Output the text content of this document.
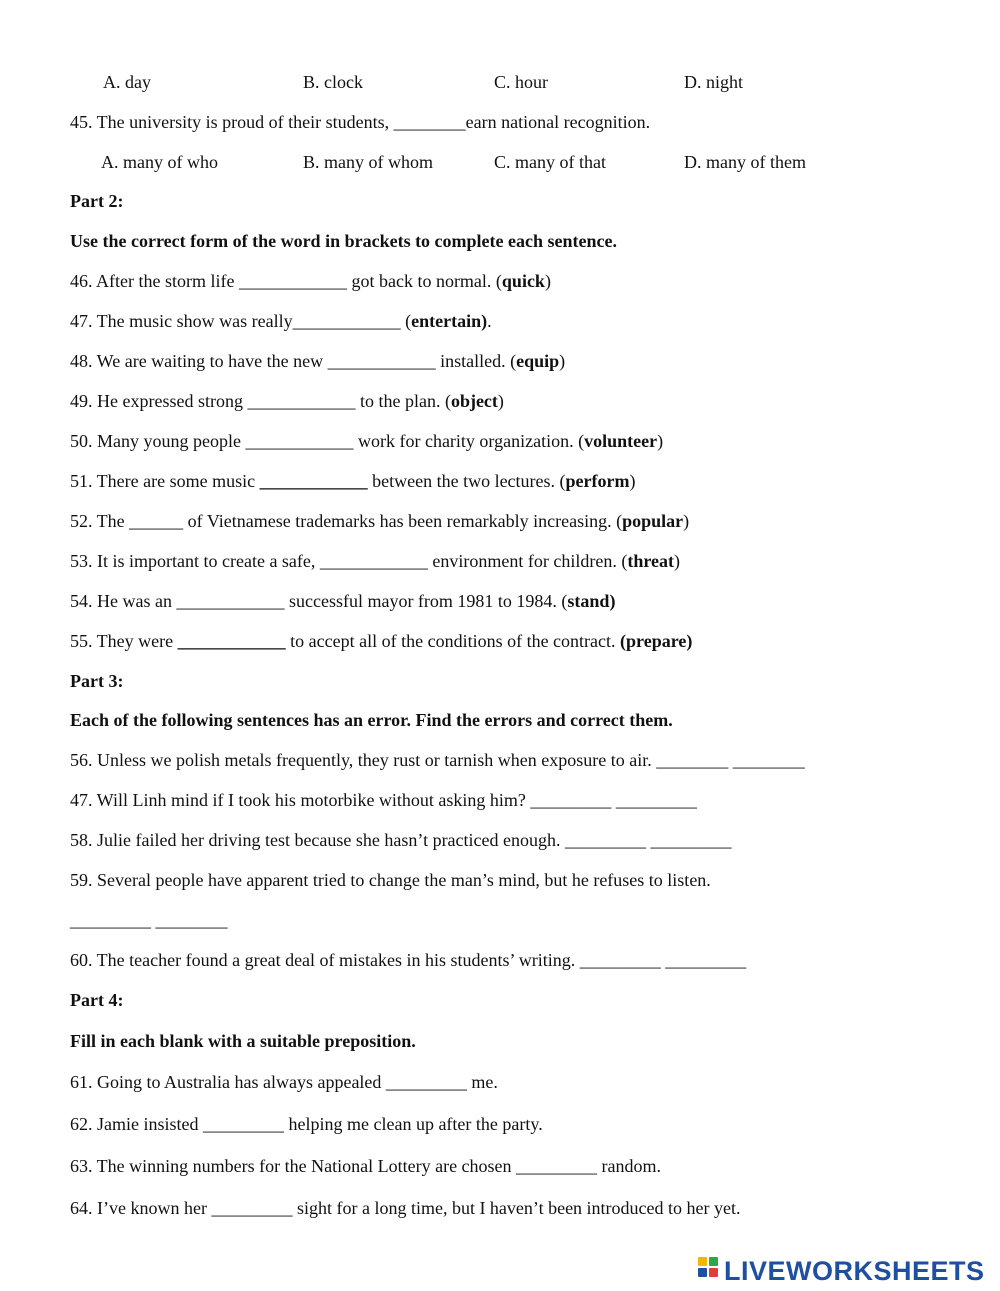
A. day	B. clock	C. hour	D. night
45. The university is proud of their students, ________earn national recognition.
A. many of who	B. many of whom	C. many of that	D. many of them
Part 2:
Use the correct form of the word in brackets to complete each sentence.
46. After the storm life ____________ got back to normal. (quick)
47. The music show was really____________ (entertain).
48. We are waiting to have the new ____________ installed. (equip)
49. He expressed strong ____________ to the plan. (object)
50. Many young people ____________ work for charity organization. (volunteer)
51. There are some music ____________ between the two lectures. (perform)
52. The ______ of Vietnamese trademarks has been remarkably increasing. (popular)
53. It is important to create a safe, ____________ environment for children. (threat)
54. He was an ____________ successful mayor from 1981 to 1984. (stand)
55. They were ____________ to accept all of the conditions of the contract. (prepare)
Part 3:
Each of the following sentences has an error. Find the errors and correct them.
56. Unless we polish metals frequently, they rust or tarnish when exposure to air. ________ ________
47. Will Linh mind if I took his motorbike without asking him? _________ _________
58. Julie failed her driving test because she hasn’t practiced enough. _________ _________
59. Several people have apparent tried to change the man’s mind, but he refuses to listen.
_________ ________
60. The teacher found a great deal of mistakes in his students’ writing. _________ _________
Part 4:
Fill in each blank with a suitable preposition.
61. Going to Australia has always appealed _________ me.
62. Jamie insisted _________ helping me clean up after the party.
63. The winning numbers for the National Lottery are chosen _________ random.
64. I’ve known her _________ sight for a long time, but I haven’t been introduced to her yet.
LIVEWORKSHEETS
